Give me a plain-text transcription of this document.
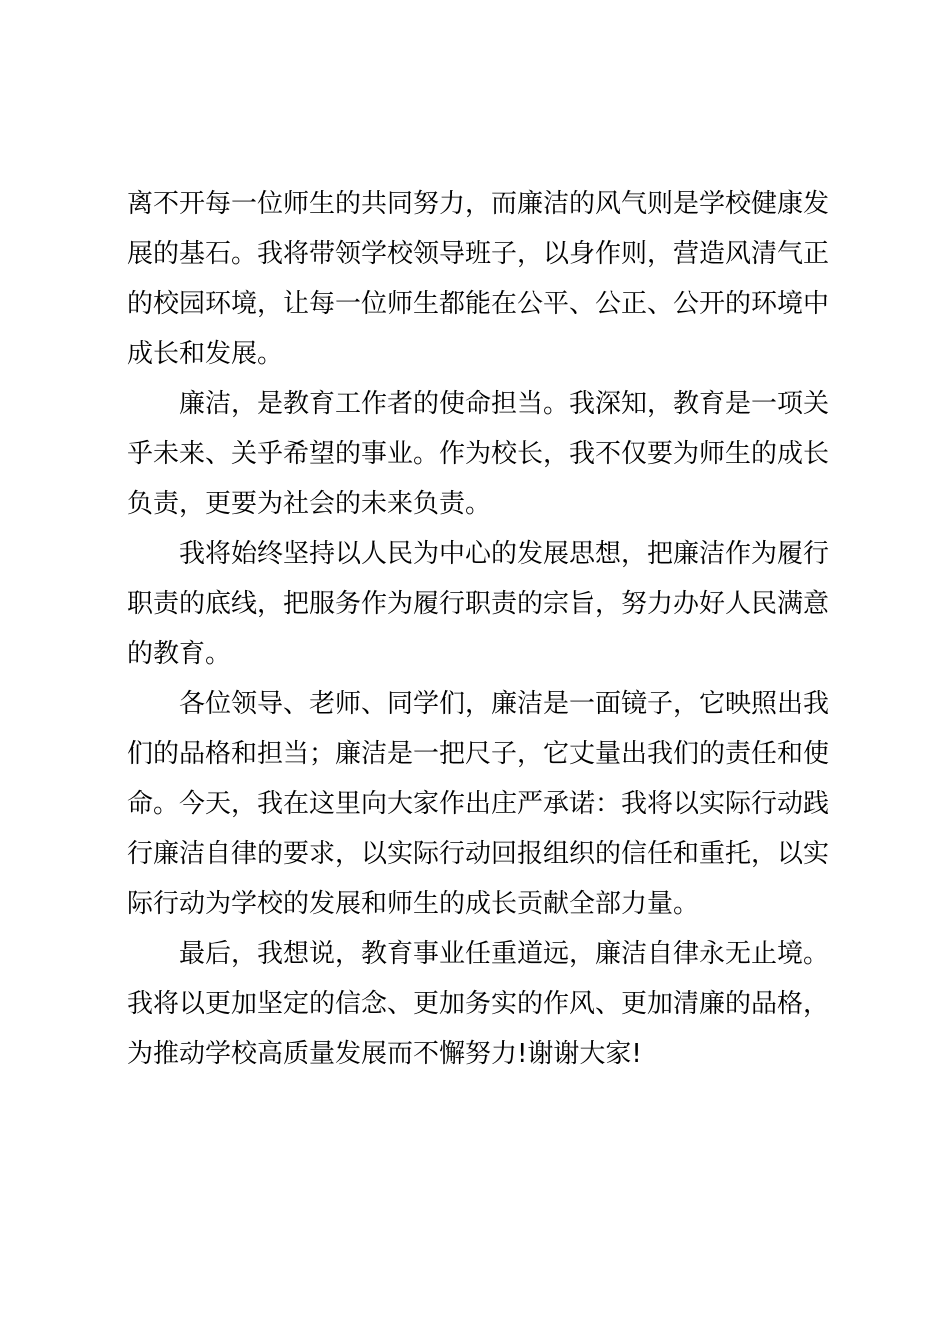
离不开每一位师生的共同努力，而廉洁的风气则是学校健康发
展的基石。我将带领学校领导班子，以身作则，营造风清气正
的校园环境，让每一位师生都能在公平、公正、公开的环境中
成长和发展。
廉洁，是教育工作者的使命担当。我深知，教育是一项关
乎未来、关乎希望的事业。作为校长，我不仅要为师生的成长
负责，更要为社会的未来负责。
我将始终坚持以人民为中心的发展思想，把廉洁作为履行
职责的底线，把服务作为履行职责的宗旨，努力办好人民满意
的教育。
各位领导、老师、同学们，廉洁是一面镜子，它映照出我
们的品格和担当；廉洁是一把尺子，它丈量出我们的责任和使
命。今天，我在这里向大家作出庄严承诺：我将以实际行动践
行廉洁自律的要求，以实际行动回报组织的信任和重托，以实
际行动为学校的发展和师生的成长贡献全部力量。
最后，我想说，教育事业任重道远，廉洁自律永无止境。
我将以更加坚定的信念、更加务实的作风、更加清廉的品格，
为推动学校高质量发展而不懈努力!谢谢大家!
